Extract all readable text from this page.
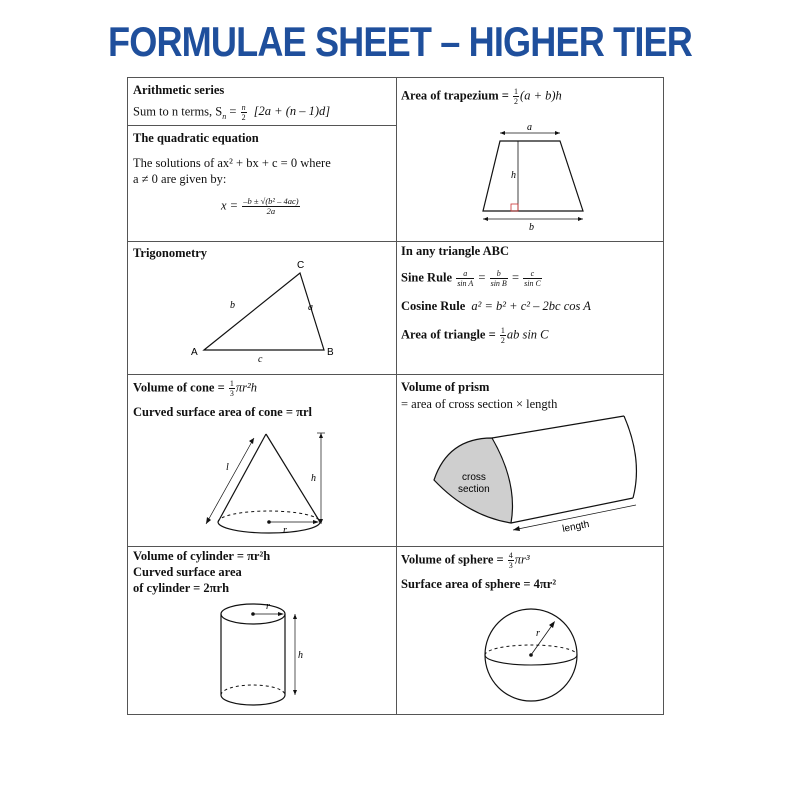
FORMULAE SHEET – HIGHER TIER
Arithmetic series
Sum to n terms, $S_n = \frac{n}{2} [2a + (n - 1)d]$
The quadratic equation
The solutions of ax² + bx + c = 0 where
a ≠ 0 are given by:
$x = \frac{\text{–b ± √(b² – 4ac)}}{2a}$
Area of trapezium = $\frac{1}{2} (a + b)h$
a
h
b
Trigonometry
A	B
C
b	a
c
In any triangle ABC
Sine Rule $\frac{a}{\text{sin A}} = \frac{b}{\text{sin B}} = \frac{c}{\text{sin C}}$
Cosine Rule a² = b² + c² – 2bc cos A
Area of triangle = $\frac{1}{2}$ ab sin C
Volume of cone = $\frac{1}{3} \pi r^2h$
Curved surface area of cone = πrl
l
h
r
Volume of prism
= area of cross section × length
cross
section
length
Volume of cylinder = πr²h
Curved surface area
of cylinder = 2πrh
r
h
Volume of sphere = $\frac{4}{3} \pi r^3$
Surface area of sphere = 4πr²
r
